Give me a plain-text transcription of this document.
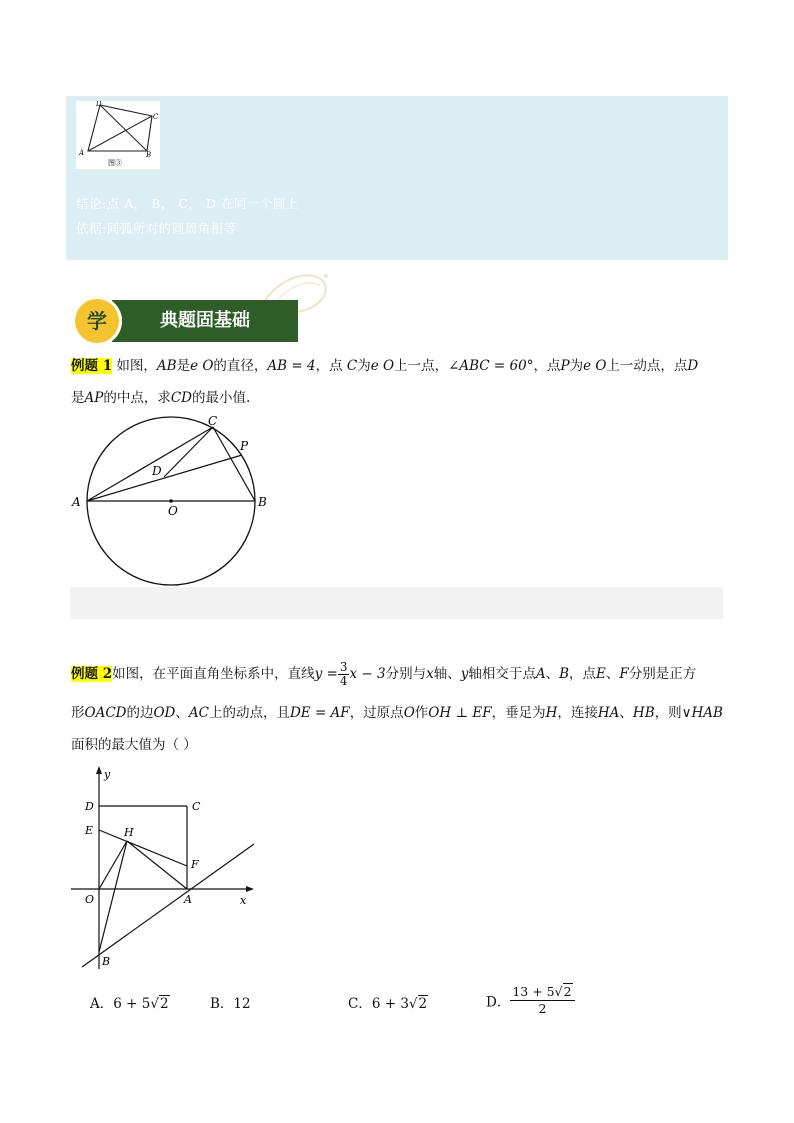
D
C
A	B
图③
结论:点 A， B， C， D 在同一个圆上
依据:同弧所对的圆周角相等
典题固基础
学
例题 1 如图，AB是e O的直径，AB = 4，点 C为e O上一点，∠ABC = 60°，点P为e O上一动点，点D
是AP的中点，求CD的最小值.
A	B
C
D
O
P
例题 2如图，在平面直角坐标系中，直线$y = \frac{3}{4}$ x − 3分别与x轴、y轴相交于点A、B，点E、F分别是正方
形OACD的边OD、AC上的动点，且DE = AF，过原点O作OH ⊥ EF，垂足为H，连接HA、HB，则∨HAB
面积的最大值为（ ）
y
x
D	C
E	H
F
O	A
B
A．6 + 5√2	B．12	C．6 + 3√2	D． $\frac{13 + 5√2}{2}$
